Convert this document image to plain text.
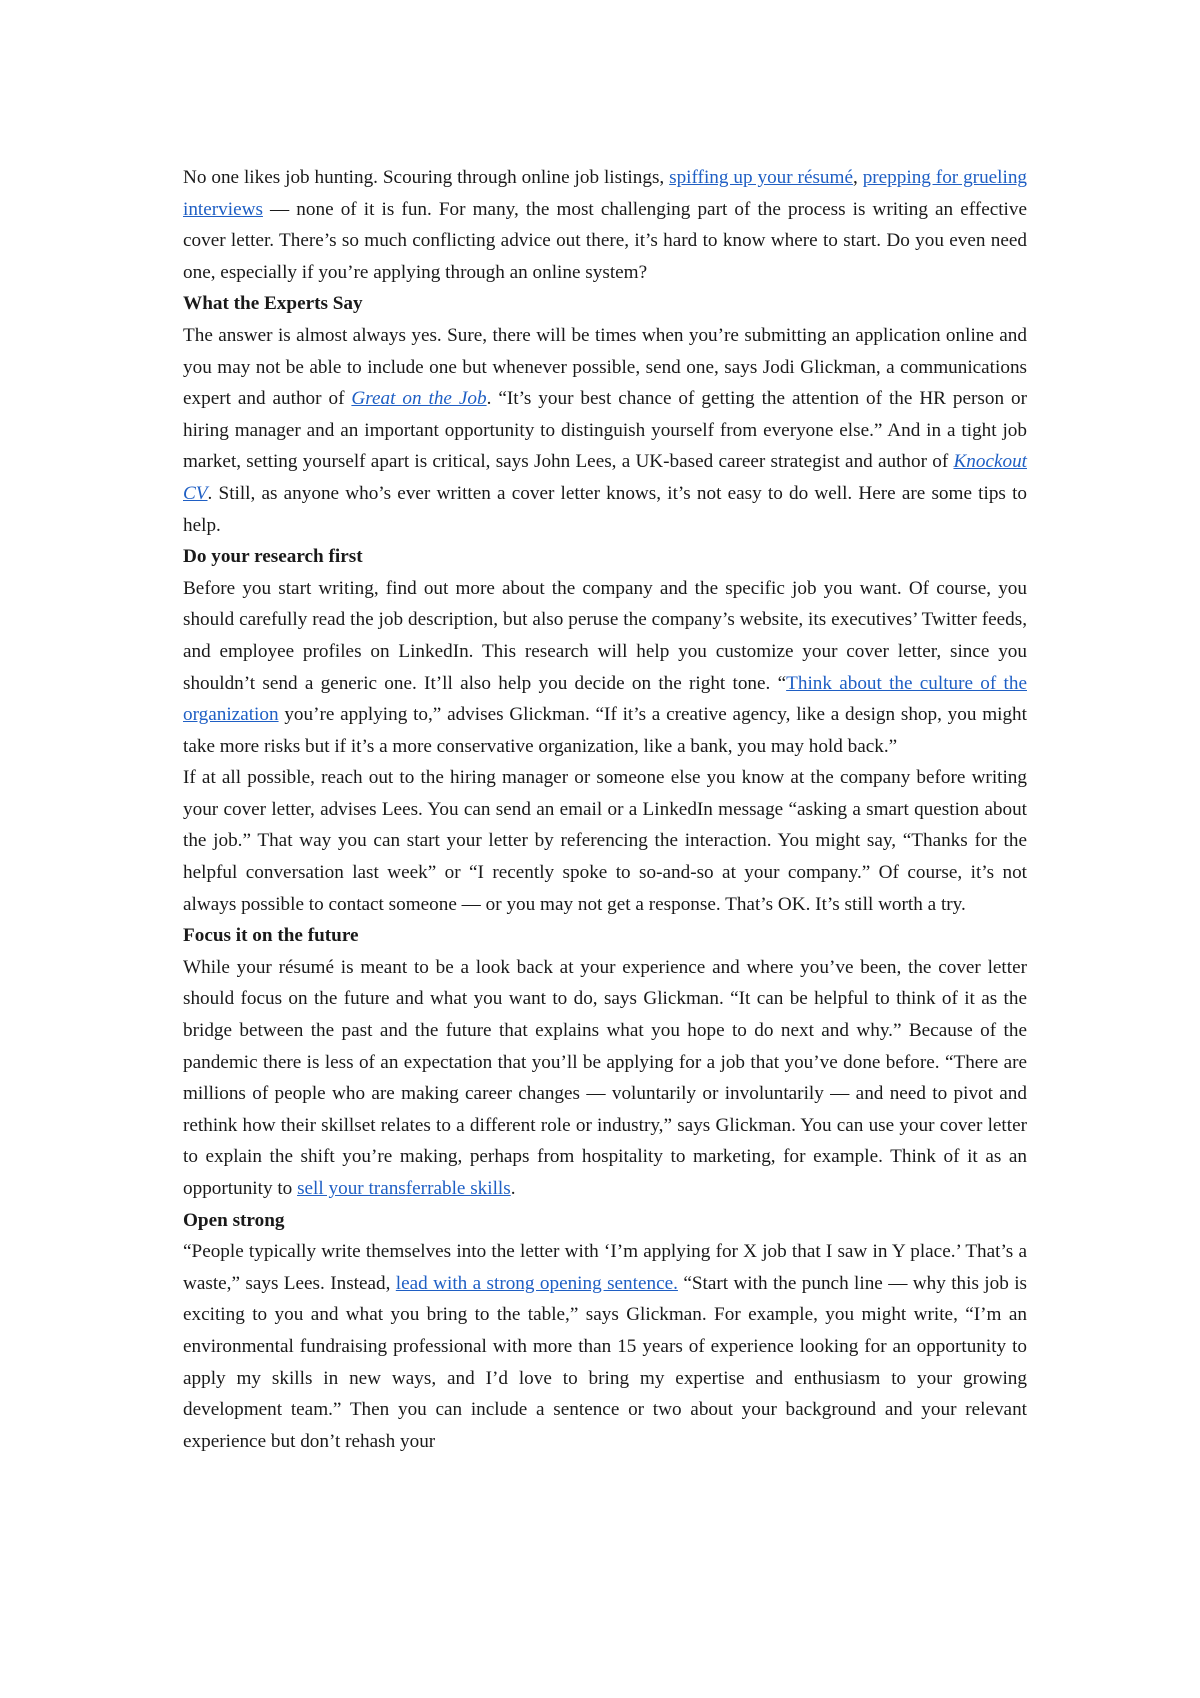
No one likes job hunting. Scouring through online job listings, spiffing up your résumé, prepping for grueling interviews — none of it is fun. For many, the most challenging part of the process is writing an effective cover letter. There’s so much conflicting advice out there, it’s hard to know where to start. Do you even need one, especially if you’re applying through an online system?

What the Experts Say

The answer is almost always yes. Sure, there will be times when you’re submitting an application online and you may not be able to include one but whenever possible, send one, says Jodi Glickman, a communications expert and author of Great on the Job. “It’s your best chance of getting the attention of the HR person or hiring manager and an important opportunity to distinguish yourself from everyone else.” And in a tight job market, setting yourself apart is critical, says John Lees, a UK-based career strategist and author of Knockout CV. Still, as anyone who’s ever written a cover letter knows, it’s not easy to do well. Here are some tips to help.

Do your research first

Before you start writing, find out more about the company and the specific job you want. Of course, you should carefully read the job description, but also peruse the company’s website, its executives’ Twitter feeds, and employee profiles on LinkedIn. This research will help you customize your cover letter, since you shouldn’t send a generic one. It’ll also help you decide on the right tone. “Think about the culture of the organization you’re applying to,” advises Glickman. “If it’s a creative agency, like a design shop, you might take more risks but if it’s a more conservative organization, like a bank, you may hold back.”

If at all possible, reach out to the hiring manager or someone else you know at the company before writing your cover letter, advises Lees. You can send an email or a LinkedIn message “asking a smart question about the job.” That way you can start your letter by referencing the interaction. You might say, “Thanks for the helpful conversation last week” or “I recently spoke to so-and-so at your company.” Of course, it’s not always possible to contact someone — or you may not get a response. That’s OK. It’s still worth a try.

Focus it on the future

While your résumé is meant to be a look back at your experience and where you’ve been, the cover letter should focus on the future and what you want to do, says Glickman. “It can be helpful to think of it as the bridge between the past and the future that explains what you hope to do next and why.” Because of the pandemic there is less of an expectation that you’ll be applying for a job that you’ve done before. “There are millions of people who are making career changes — voluntarily or involuntarily — and need to pivot and rethink how their skillset relates to a different role or industry,” says Glickman. You can use your cover letter to explain the shift you’re making, perhaps from hospitality to marketing, for example. Think of it as an opportunity to sell your transferrable skills.

Open strong

“People typically write themselves into the letter with ‘I’m applying for X job that I saw in Y place.’ That’s a waste,” says Lees. Instead, lead with a strong opening sentence. “Start with the punch line — why this job is exciting to you and what you bring to the table,” says Glickman. For example, you might write, “I’m an environmental fundraising professional with more than 15 years of experience looking for an opportunity to apply my skills in new ways, and I’d love to bring my expertise and enthusiasm to your growing development team.” Then you can include a sentence or two about your background and your relevant experience but don’t rehash your
